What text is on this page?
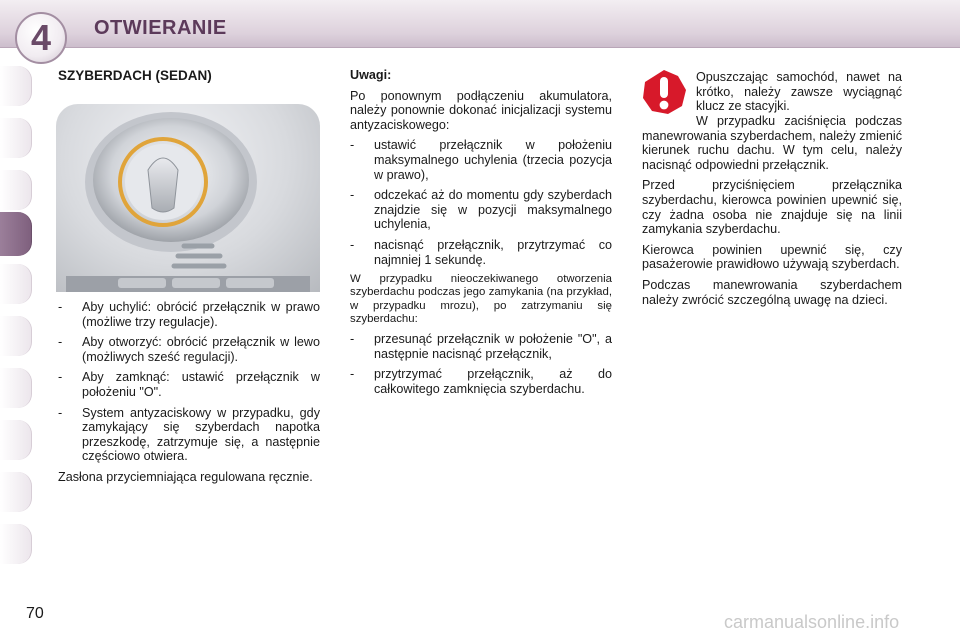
4 OTWIERANIE
SZYBERDACH (SEDAN)
- Aby uchylić: obrócić przełącznik w prawo (możliwe trzy regulacje).
- Aby otworzyć: obrócić przełącznik w lewo (możliwych sześć regulacji).
- Aby zamknąć: ustawić przełącznik w położeniu "O".
- System antyzaciskowy w przypadku, gdy zamykający się szyberdach napotka przeszkodę, zatrzymuje się, a następnie częściowo otwiera.

Zasłona przyciemniająca regulowana ręcznie.

Uwagi:

Po ponownym podłączeniu akumulatora, należy ponownie dokonać inicjalizacji systemu antyzaciskowego:

- ustawić przełącznik w położeniu maksymalnego uchylenia (trzecia pozycja w prawo),
- odczekać aż do momentu gdy szyberdach znajdzie się w pozycji maksymalnego uchylenia,
- nacisnąć przełącznik, przytrzymać co najmniej 1 sekundę.

W przypadku nieoczekiwanego otworzenia szyberdachu podczas jego zamykania (na przykład, w przypadku mrozu), po zatrzymaniu się szyberdachu:

- przesunąć przełącznik w położenie "O", a następnie nacisnąć przełącznik,
- przytrzymać przełącznik, aż do całkowitego zamknięcia szyberdachu.

Opuszczając samochód, nawet na krótko, należy zawsze wyciągnąć klucz ze stacyjki.

W przypadku zaciśnięcia podczas manewrowania szyberdachem, należy zmienić kierunek ruchu dachu. W tym celu, należy nacisnąć odpowiedni przełącznik.

Przed przyciśnięciem przełącznika szyberdachu, kierowca powinien upewnić się, czy żadna osoba nie znajduje się na linii zamykania szyberdachu.

Kierowca powinien upewnić się, czy pasażerowie prawidłowo używają szyberdach.

Podczas manewrowania szyberdachem należy zwrócić szczególną uwagę na dzieci.

70	carmanualsonline.info
